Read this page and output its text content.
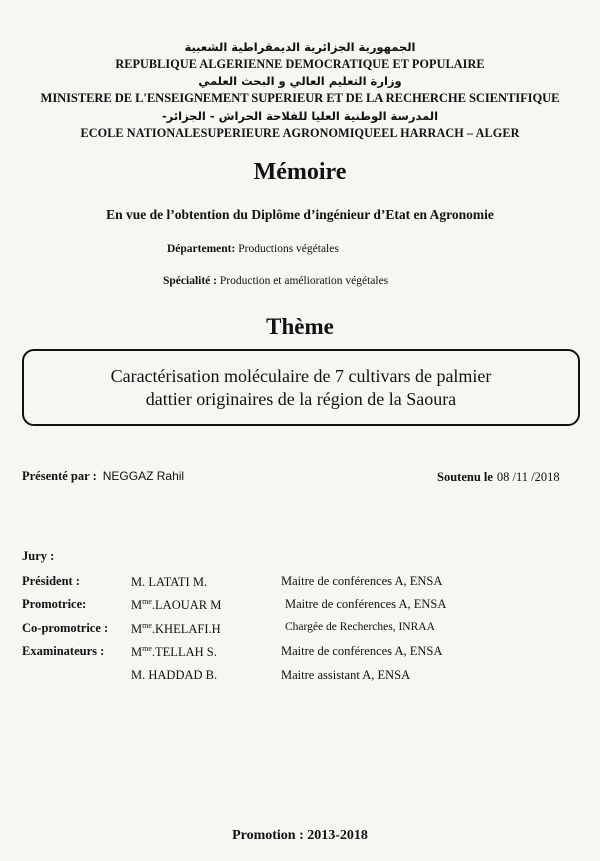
الجمهورية الجزائرية الديمقراطية الشعبية
REPUBLIQUE ALGERIENNE DEMOCRATIQUE ET POPULAIRE
وزارة التعليم العالي و البحث العلمي
MINISTERE DE L'ENSEIGNEMENT SUPERIEUR ET DE LA RECHERCHE SCIENTIFIQUE
المدرسة الوطنية العليا للفلاحة الحراش - الجزائر-
ECOLE NATIONALESUPERIEURE AGRONOMIQUEEL HARRACH – ALGER
Mémoire
En vue de l’obtention du Diplôme d’ingénieur d’Etat en Agronomie
Département: Productions végétales
Spécialité : Production et amélioration végétales
Thème
Caractérisation moléculaire de 7 cultivars de palmier
dattier originaires de la région de la Saoura
Présenté par : NEGGAZ Rahil	Soutenu le 08 /11 /2018
Jury :
Président :	M. LATATI M.	Maitre de conférences A, ENSA
Promotrice:	$M^{me}.LAOUAR$ M	Maitre de conférences A, ENSA
Co-promotrice : $M^{me}.KHELAFI.H$	Chargée de Recherches, INRAA
Examinateurs : $M^{me}.TELLAH$ S.	Maitre de conférences A, ENSA
M. HADDAD B.	Maitre assistant A, ENSA
Promotion : 2013-2018
